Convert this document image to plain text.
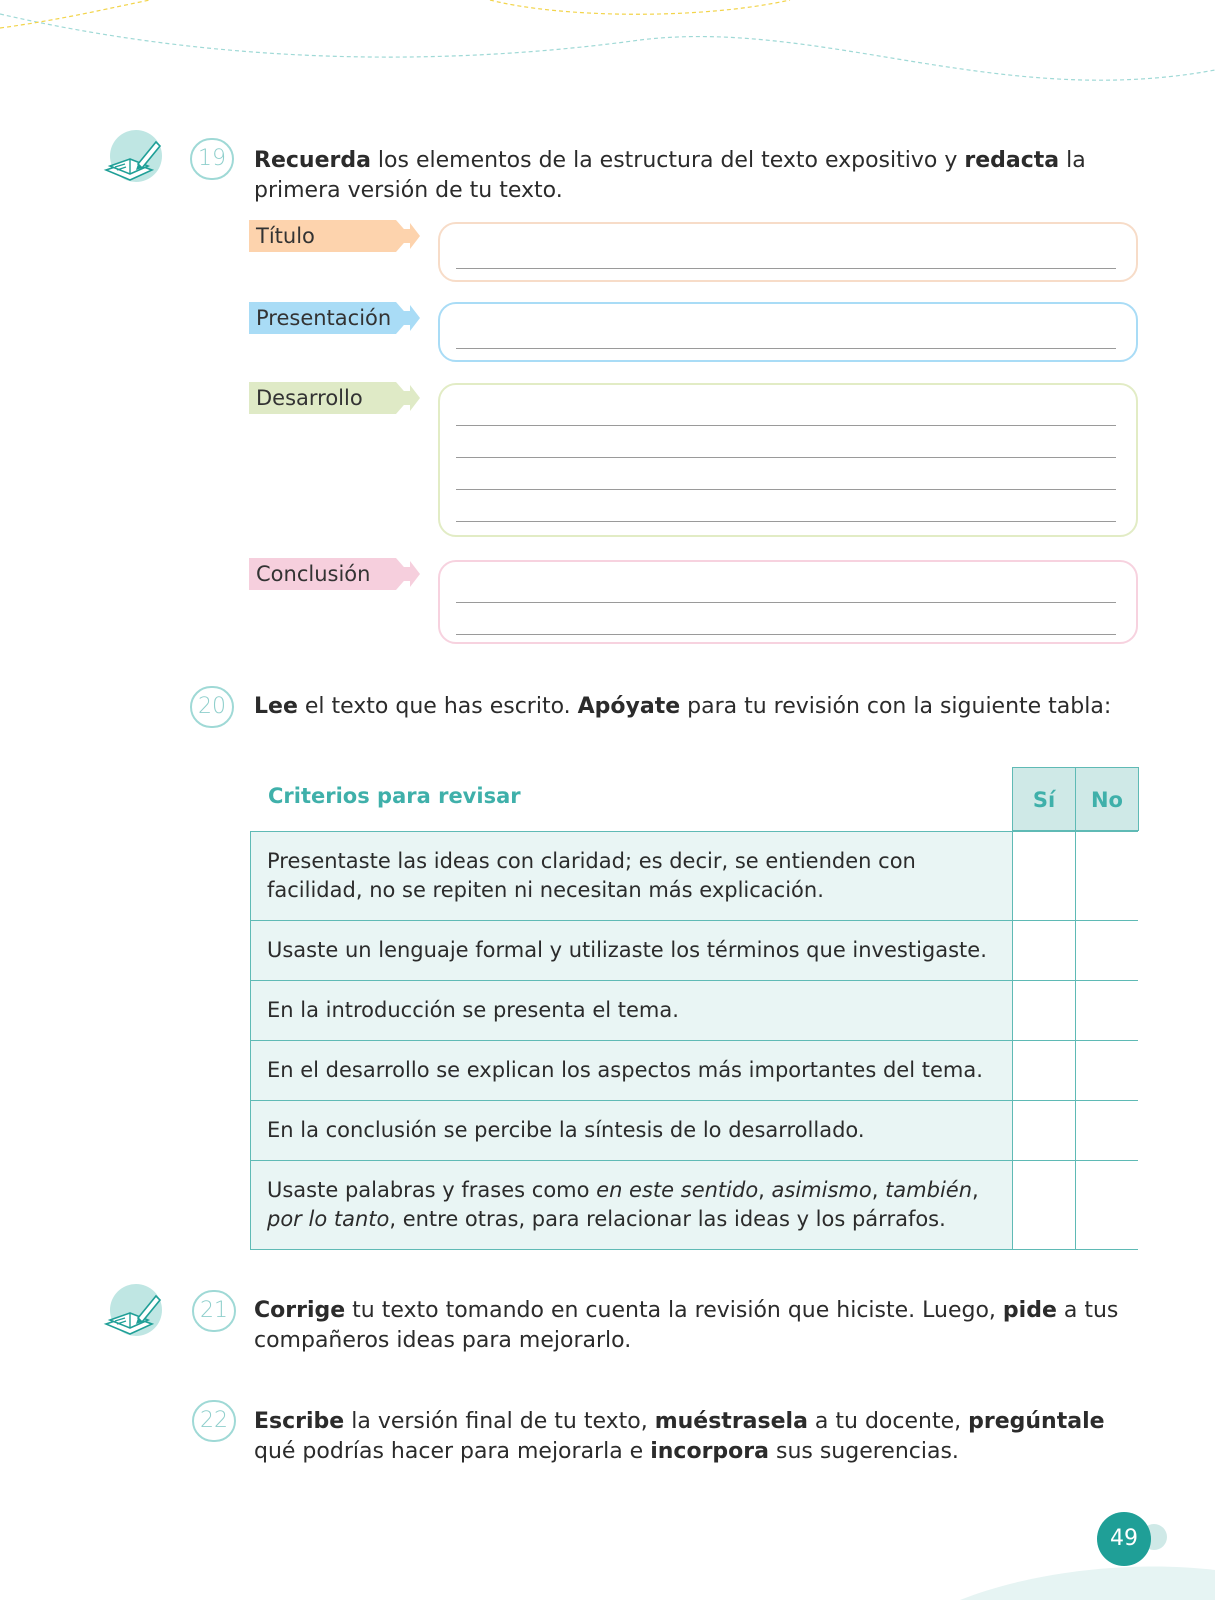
19	Recuerda los elementos de la estructura del texto expositivo y redacta la primera versión de tu texto.
Título
Presentación
Desarrollo
Conclusión
20	Lee el texto que has escrito. Apóyate para tu revisión con la siguiente tabla:
Criterios para revisar	Sí	No
Presentaste las ideas con claridad; es decir, se entienden con facilidad, no se repiten ni necesitan más explicación.
Usaste un lenguaje formal y utilizaste los términos que investigaste.
En la introducción se presenta el tema.
En el desarrollo se explican los aspectos más importantes del tema.
En la conclusión se percibe la síntesis de lo desarrollado.
Usaste palabras y frases como en este sentido, asimismo, también, por lo tanto, entre otras, para relacionar las ideas y los párrafos.
21	Corrige tu texto tomando en cuenta la revisión que hiciste. Luego, pide a tus compañeros ideas para mejorarlo.
22	Escribe la versión final de tu texto, muéstrasela a tu docente, pregúntale qué podrías hacer para mejorarla e incorpora sus sugerencias.
49
